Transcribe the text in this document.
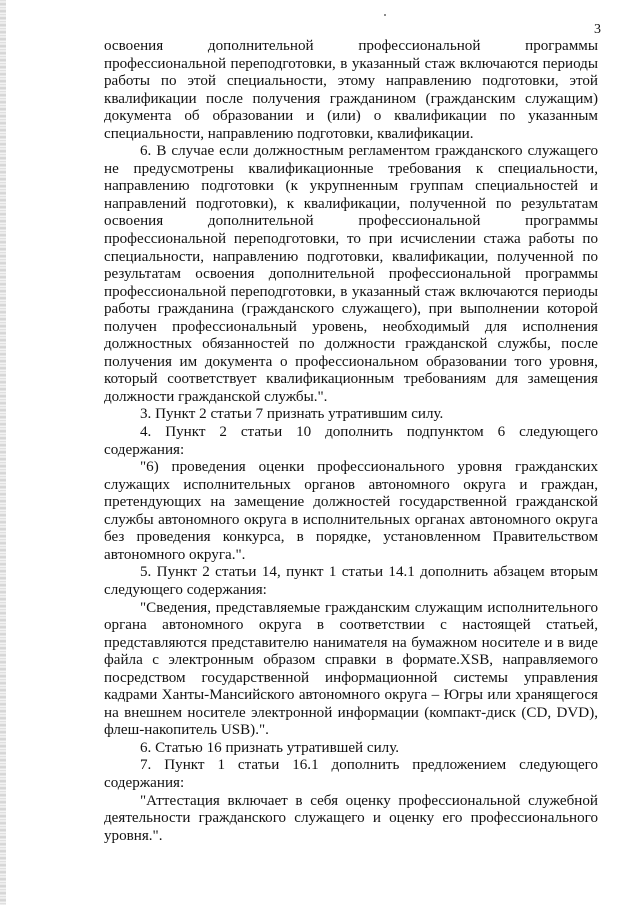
3

освоения дополнительной профессиональной программы профессиональной переподготовки, в указанный стаж включаются периоды работы по этой специальности, этому направлению подготовки, этой квалификации после получения гражданином (гражданским служащим) документа об образовании и (или) о квалификации по указанным специальности, направлению подготовки, квалификации.

6. В случае если должностным регламентом гражданского служащего не предусмотрены квалификационные требования к специальности, направлению подготовки (к укрупненным группам специальностей и направлений подготовки), к квалификации, полученной по результатам освоения дополнительной профессиональной программы профессиональной переподготовки, то при исчислении стажа работы по специальности, направлению подготовки, квалификации, полученной по результатам освоения дополнительной профессиональной программы профессиональной переподготовки, в указанный стаж включаются периоды работы гражданина (гражданского служащего), при выполнении которой получен профессиональный уровень, необходимый для исполнения должностных обязанностей по должности гражданской службы, после получения им документа о профессиональном образовании того уровня, который соответствует квалификационным требованиям для замещения должности гражданской службы.".

3. Пункт 2 статьи 7 признать утратившим силу.

4. Пункт 2 статьи 10 дополнить подпунктом 6 следующего содержания:

"6) проведения оценки профессионального уровня гражданских служащих исполнительных органов автономного округа и граждан, претендующих на замещение должностей государственной гражданской службы автономного округа в исполнительных органах автономного округа без проведения конкурса, в порядке, установленном Правительством автономного округа.".

5. Пункт 2 статьи 14, пункт 1 статьи 14.1 дополнить абзацем вторым следующего содержания:

"Сведения, представляемые гражданским служащим исполнительного органа автономного округа в соответствии с настоящей статьей, представляются представителю нанимателя на бумажном носителе и в виде файла с электронным образом справки в формате.XSB, направляемого посредством государственной информационной системы управления кадрами Ханты-Мансийского автономного округа – Югры или хранящегося на внешнем носителе электронной информации (компакт-диск (CD, DVD), флеш-накопитель USB).".

6. Статью 16 признать утратившей силу.

7. Пункт 1 статьи 16.1 дополнить предложением следующего содержания:

"Аттестация включает в себя оценку профессиональной служебной деятельности гражданского служащего и оценку его профессионального уровня.".
